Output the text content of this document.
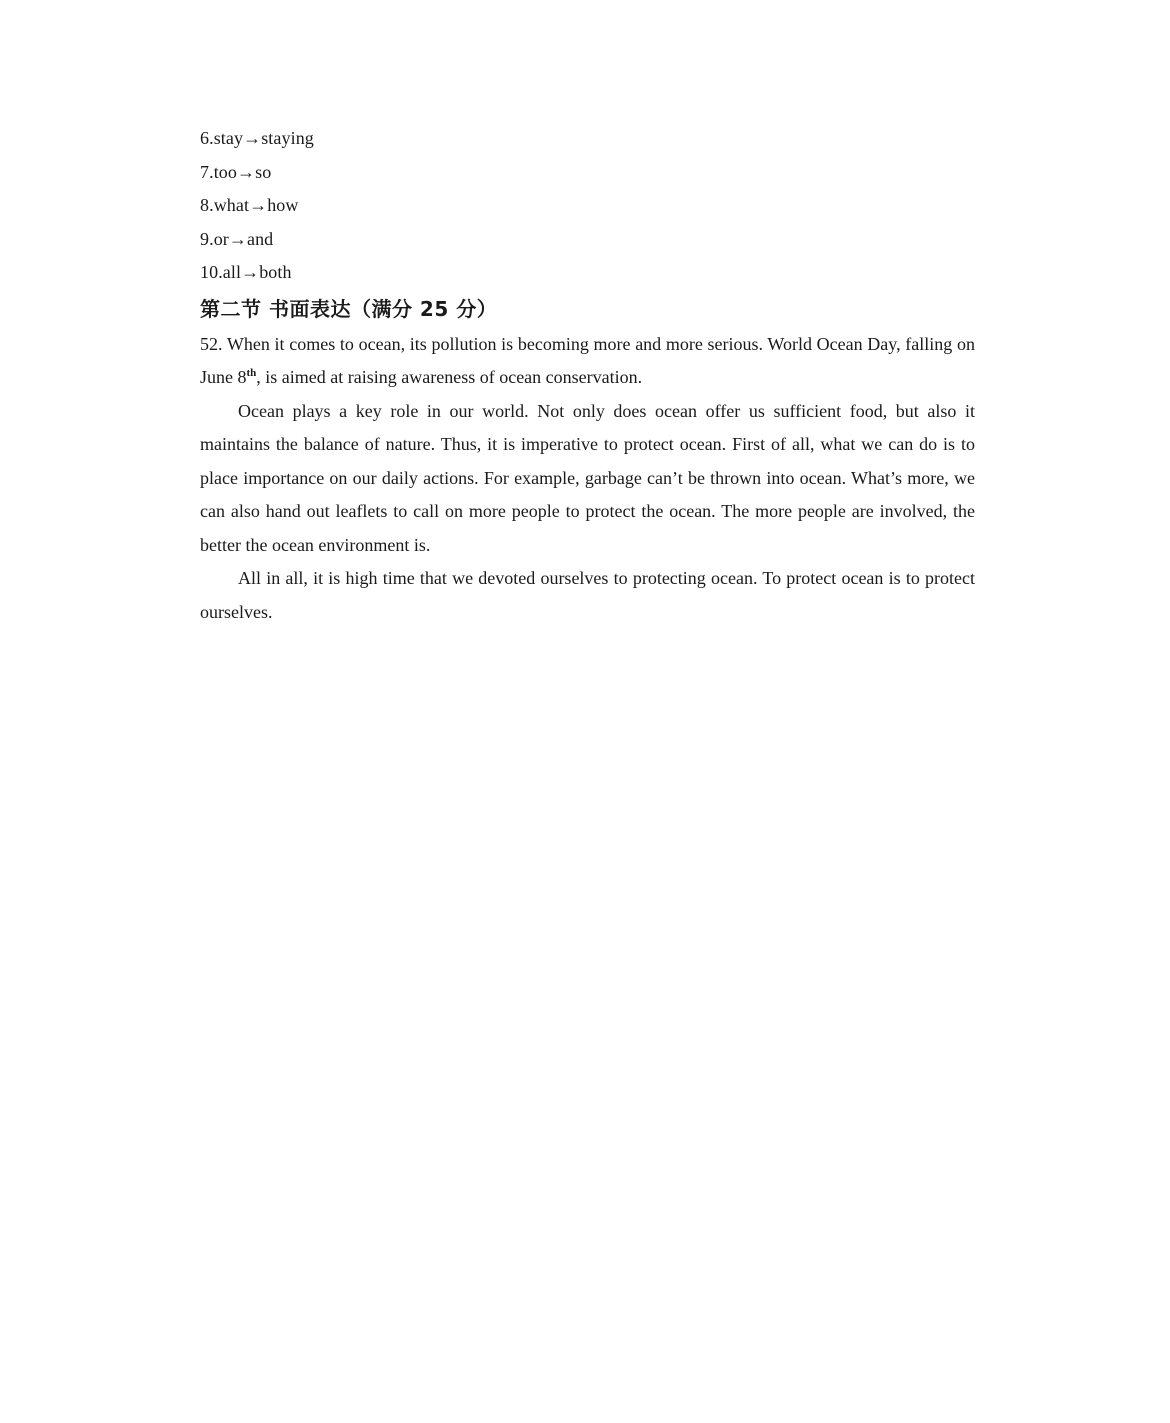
6.stay→staying
7.too→so
8.what→how
9.or→and
10.all→both
第二节 书面表达（满分 25 分）

52. When it comes to ocean, its pollution is becoming more and more serious. World Ocean Day, falling on June 8th, is aimed at raising awareness of ocean conservation.

Ocean plays a key role in our world. Not only does ocean offer us sufficient food, but also it maintains the balance of nature. Thus, it is imperative to protect ocean. First of all, what we can do is to place importance on our daily actions. For example, garbage can’t be thrown into ocean. What’s more, we can also hand out leaflets to call on more people to protect the ocean. The more people are involved, the better the ocean environment is.

All in all, it is high time that we devoted ourselves to protecting ocean. To protect ocean is to protect ourselves.
